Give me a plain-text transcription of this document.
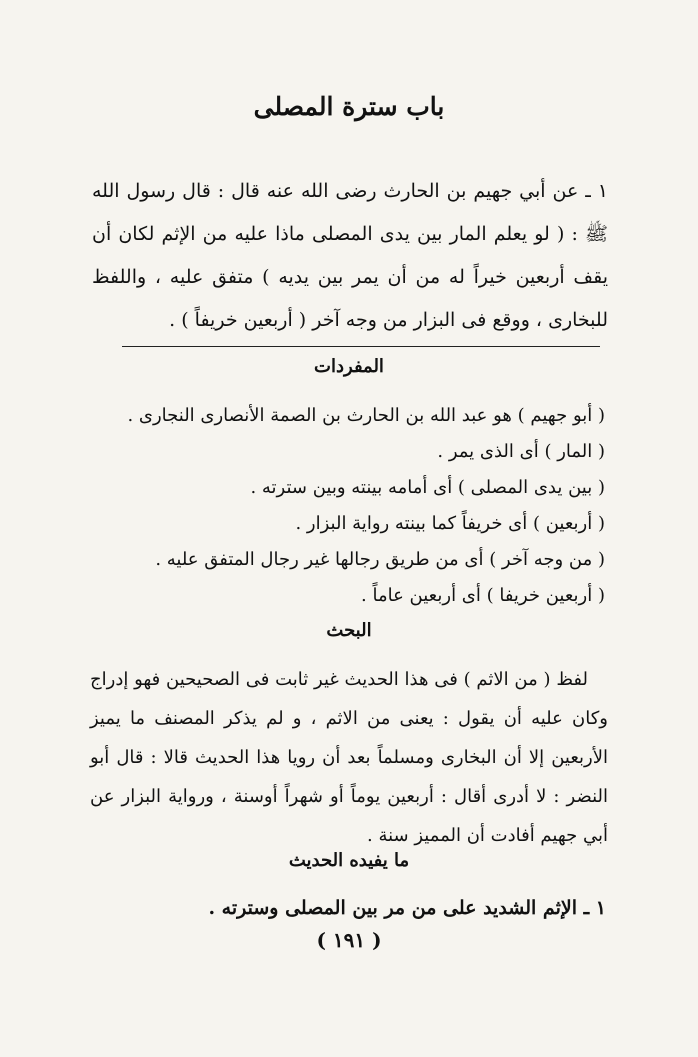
باب سترة المصلى

١ ـ عن أبي جهيم بن الحارث رضى الله عنه قال : قال رسول الله ﷺ : ( لو يعلم المار بين يدى المصلى ماذا عليه من الإثم لكان أن يقف أربعين خيراً له من أن يمر بين يديه ) متفق عليه ، واللفظ للبخارى ، ووقع فى البزار من وجه آخر ( أربعين خريفاً ) .

المفردات
( أبو جهيم ) هو عبد الله بن الحارث بن الصمة الأنصارى النجارى .
( المار ) أى الذى يمر .
( بين يدى المصلى ) أى أمامه بينته وبين سترته .
( أربعين ) أى خريفاً كما بينته رواية البزار .
( من وجه آخر ) أى من طريق رجالها غير رجال المتفق عليه .
( أربعين خريفا ) أى أربعين عاماً .
البحث

لفظ ( من الاثم ) فى هذا الحديث غير ثابت فى الصحيحين فهو إدراج وكان عليه أن يقول : يعنى من الاثم ، و لم يذكر المصنف ما يميز الأربعين إلا أن البخارى ومسلماً بعد أن رويا هذا الحديث قالا : قال أبو النضر : لا أدرى أقال : أربعين يوماً أو شهراً أوسنة ، ورواية البزار عن أبي جهيم أفادت أن المميز سنة .

ما يفيده الحديث
١ ـ الإثم الشديد على من مر بين المصلى وسترته .

( ١٩١ )
